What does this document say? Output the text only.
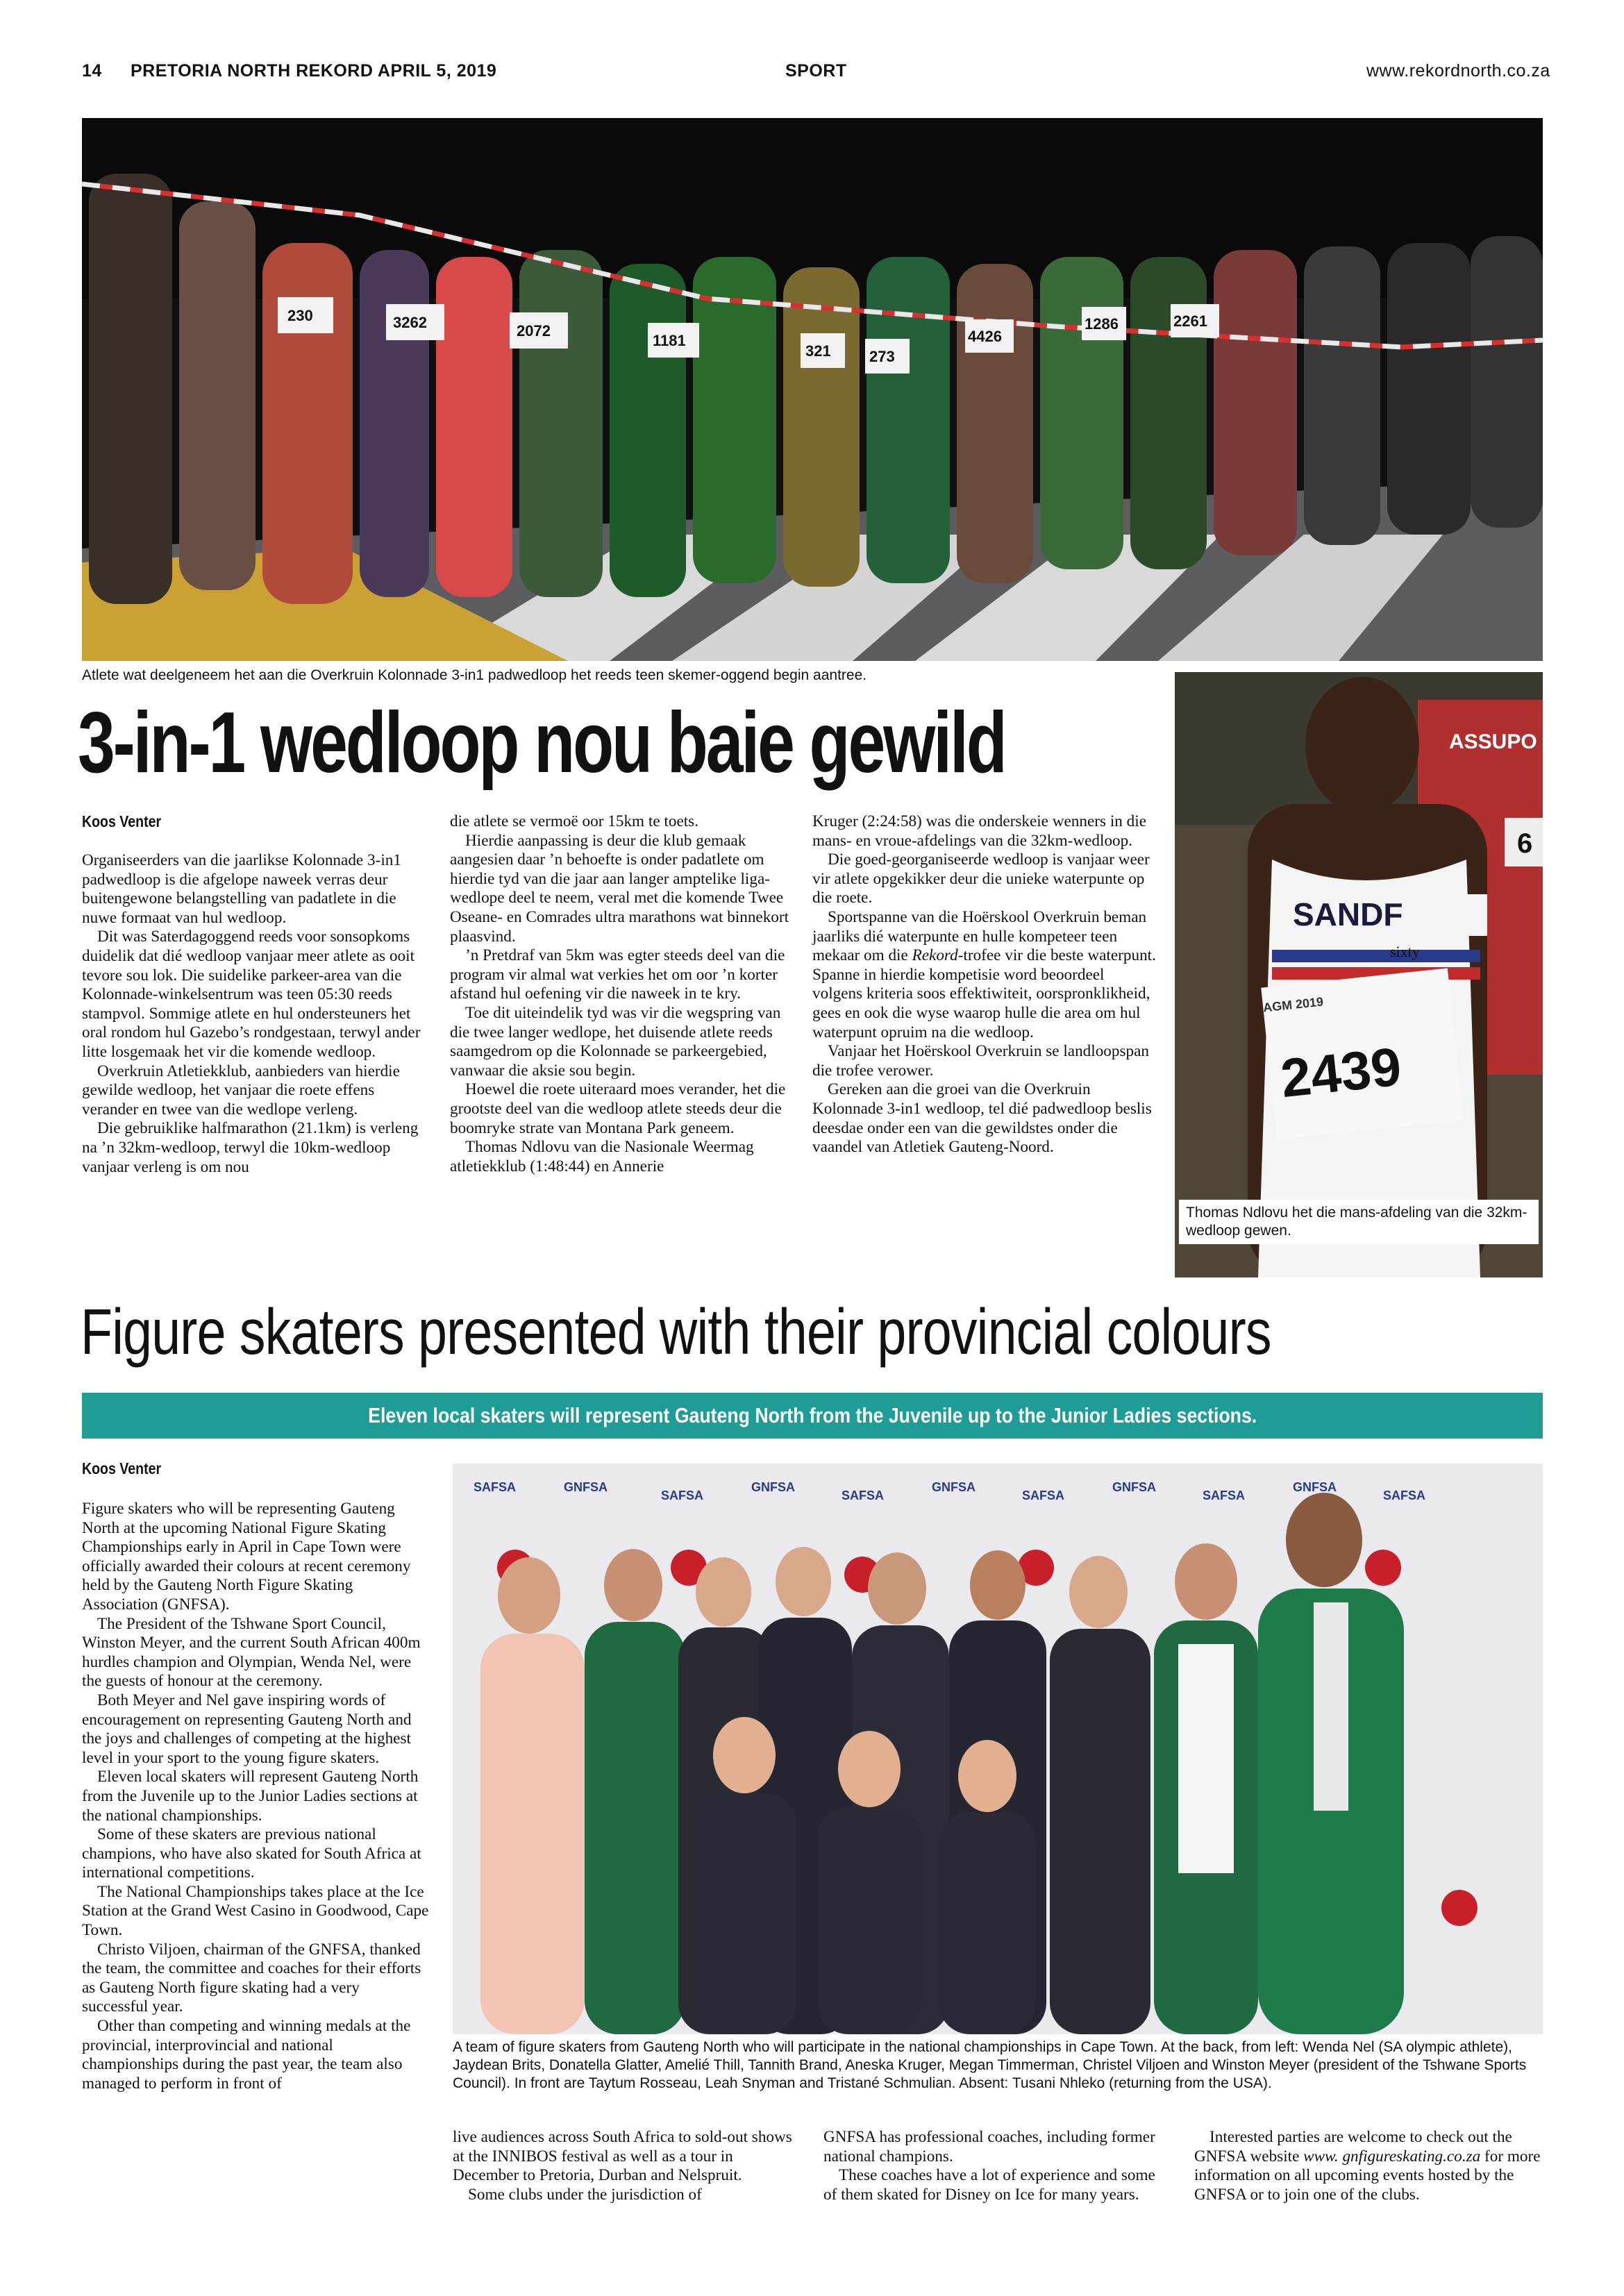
14 PRETORIA NORTH REKORD APRIL 5, 2019	SPORT	www.rekordnorth.co.za
230	3262	2072
1181
321	273
4426
1286	2261
Atlete wat deelgeneem het aan die Overkruin Kolonnade 3-in1 padwedloop het reeds teen skemer-oggend begin aantree.
3-in-1 wedloop nou baie gewild
Koos Venter

Organiseerders van die jaarlikse Kolonnade 3-in1 padwedloop is die afgelope naweek verras deur buitengewone belangstelling van padatlete in die nuwe formaat van hul wedloop.

Dit was Saterdagoggend reeds voor sonsopkoms duidelik dat dié wedloop vanjaar meer atlete as ooit tevore sou lok. Die suidelike parkeer-area van die Kolonnade-winkelsentrum was teen 05:30 reeds stampvol. Sommige atlete en hul ondersteuners het oral rondom hul Gazebo’s rondgestaan, terwyl ander litte losgemaak het vir die komende wedloop.

Overkruin Atletiekklub, aanbieders van hierdie gewilde wedloop, het vanjaar die roete effens verander en twee van die wedlope verleng.

Die gebruiklike halfmarathon (21.1km) is verleng na ’n 32km-wedloop, terwyl die 10km-wedloop vanjaar verleng is om nou

die atlete se vermoë oor 15km te toets.

Hierdie aanpassing is deur die klub gemaak aangesien daar ’n behoefte is onder padatlete om hierdie tyd van die jaar aan langer amptelike liga-wedlope deel te neem, veral met die komende Twee Oseane- en Comrades ultra marathons wat binnekort plaasvind.

’n Pretdraf van 5km was egter steeds deel van die program vir almal wat verkies het om oor ’n korter afstand hul oefening vir die naweek in te kry.

Toe dit uiteindelik tyd was vir die wegspring van die twee langer wedlope, het duisende atlete reeds saamgedrom op die Kolonnade se parkeergebied, vanwaar die aksie sou begin.

Hoewel die roete uiteraard moes verander, het die grootste deel van die wedloop atlete steeds deur die boomryke strate van Montana Park geneem.

Thomas Ndlovu van die Nasionale Weermag atletiekklub (1:48:44) en Annerie

Kruger (2:24:58) was die onderskeie wenners in die mans- en vroue-afdelings van die 32km-wedloop.

Die goed-georganiseerde wedloop is vanjaar weer vir atlete opgekikker deur die unieke waterpunte op die roete.

Sportspanne van die Hoërskool Overkruin beman jaarliks dié waterpunte en hulle kompeteer teen mekaar om die Rekord-trofee vir die beste waterpunt. Spanne in hierdie kompetisie word beoordeel volgens kriteria soos effektiwiteit, oorspronklikheid, gees en ook die wyse waarop hulle die area om hul waterpunt opruim na die wedloop.

Vanjaar het Hoërskool Overkruin se landloopspan die trofee verower.

Gereken aan die groei van die Overkruin Kolonnade 3-in1 wedloop, tel dié padwedloop beslis deesdae onder een van die gewildstes onder die vaandel van Atletiek Gauteng-Noord.

ASSUPO
6
SANDF
sixty
AGM 2019
2439
Thomas Ndlovu het die mans-afdeling van die 32km-wedloop gewen.
Figure skaters presented with their provincial colours
Eleven local skaters will represent Gauteng North from the Juvenile up to the Junior Ladies sections.
Koos Venter

Figure skaters who will be representing Gauteng North at the upcoming National Figure Skating Championships early in April in Cape Town were officially awarded their colours at recent ceremony held by the Gauteng North Figure Skating Association (GNFSA).

The President of the Tshwane Sport Council, Winston Meyer, and the current South African 400m hurdles champion and Olympian, Wenda Nel, were the guests of honour at the ceremony.

Both Meyer and Nel gave inspiring words of encouragement on representing Gauteng North and the joys and challenges of competing at the highest level in your sport to the young figure skaters.

Eleven local skaters will represent Gauteng North from the Juvenile up to the Junior Ladies sections at the national championships.

Some of these skaters are previous national champions, who have also skated for South Africa at international competitions.

The National Championships takes place at the Ice Station at the Grand West Casino in Goodwood, Cape Town.

Christo Viljoen, chairman of the GNFSA, thanked the team, the committee and coaches for their efforts as Gauteng North figure skating had a very successful year.

Other than competing and winning medals at the provincial, interprovincial and national championships during the past year, the team also managed to perform in front of

SAFSA	GNFSA
SAFSA
GNFSA
SAFSA
GNFSA
SAFSA
GNFSA
SAFSA
GNFSA
SAFSA
A team of figure skaters from Gauteng North who will participate in the national championships in Cape Town. At the back, from left: Wenda Nel (SA olympic athlete), Jaydean Brits, Donatella Glatter, Amelié Thill, Tannith Brand, Aneska Kruger, Megan Timmerman, Christel Viljoen and Winston Meyer (president of the Tshwane Sports Council). In front are Taytum Rosseau, Leah Snyman and Tristané Schmulian. Absent: Tusani Nhleko (returning from the USA).

live audiences across South Africa to sold-out shows at the INNIBOS festival as well as a tour in December to Pretoria, Durban and Nelspruit.

Some clubs under the jurisdiction of

GNFSA has professional coaches, including former national champions.

These coaches have a lot of experience and some of them skated for Disney on Ice for many years.

Interested parties are welcome to check out the GNFSA website www. gnfigureskating.co.za for more information on all upcoming events hosted by the GNFSA or to join one of the clubs.
